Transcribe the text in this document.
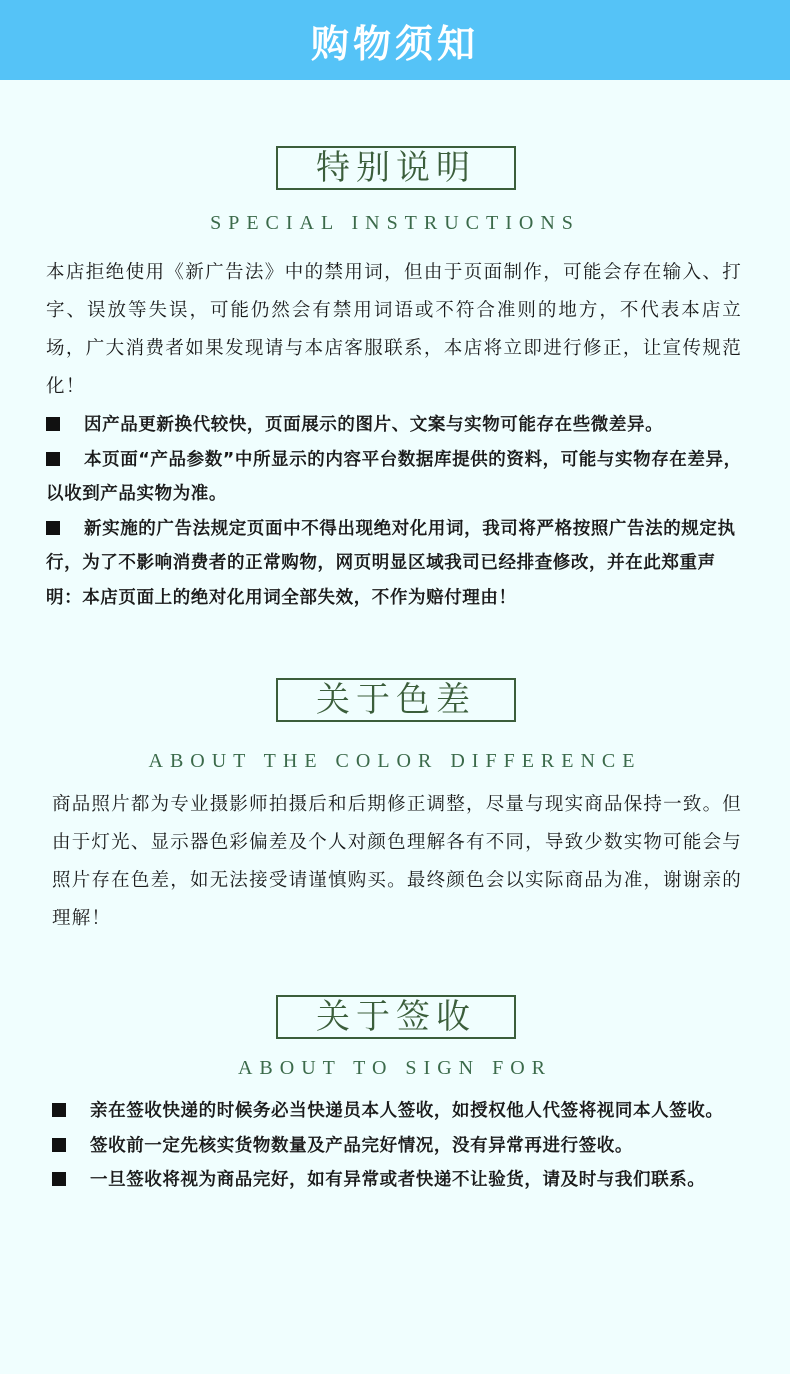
购物须知
特别说明
SPECIAL INSTRUCTIONS
本店拒绝使用《新广告法》中的禁用词，但由于页面制作，可能会存在输入、打字、误放等失误，可能仍然会有禁用词语或不符合准则的地方，不代表本店立场，广大消费者如果发现请与本店客服联系，本店将立即进行修正，让宣传规范化！
因产品更新换代较快，页面展示的图片、文案与实物可能存在些微差异。
本页面“产品参数”中所显示的内容平台数据库提供的资料，可能与实物存在差异，以收到产品实物为准。
新实施的广告法规定页面中不得出现绝对化用词，我司将严格按照广告法的规定执行，为了不影响消费者的正常购物，网页明显区域我司已经排查修改，并在此郑重声明：本店页面上的绝对化用词全部失效，不作为赔付理由！
关于色差
ABOUT THE COLOR DIFFERENCE
商品照片都为专业摄影师拍摄后和后期修正调整，尽量与现实商品保持一致。但由于灯光、显示器色彩偏差及个人对颜色理解各有不同，导致少数实物可能会与照片存在色差，如无法接受请谨慎购买。最终颜色会以实际商品为准，谢谢亲的理解！
关于签收
ABOUT TO SIGN FOR
亲在签收快递的时候务必当快递员本人签收，如授权他人代签将视同本人签收。
签收前一定先核实货物数量及产品完好情况，没有异常再进行签收。
一旦签收将视为商品完好，如有异常或者快递不让验货，请及时与我们联系。
